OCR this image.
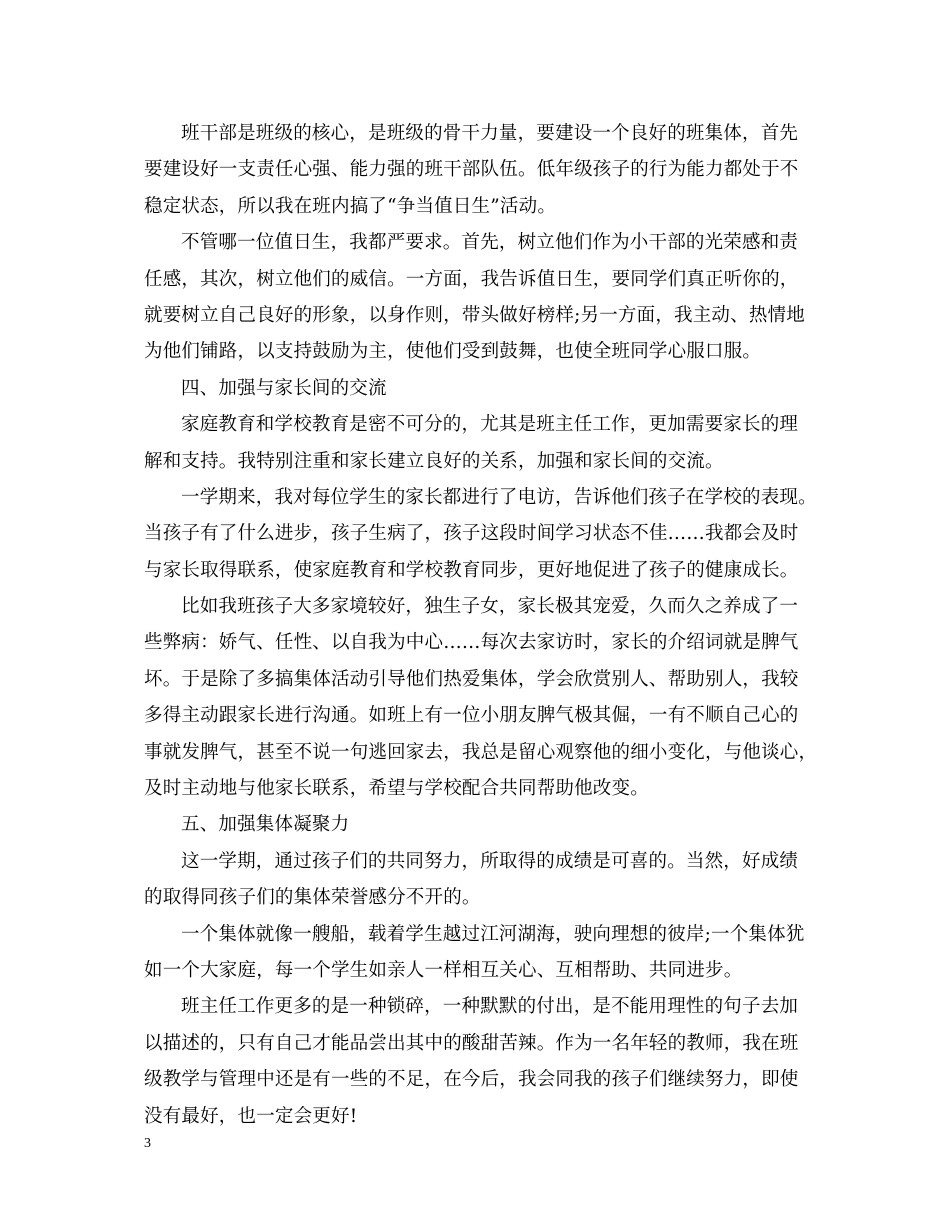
班干部是班级的核心，是班级的骨干力量，要建设一个良好的班集体，首先
要建设好一支责任心强、能力强的班干部队伍。低年级孩子的行为能力都处于不
稳定状态，所以我在班内搞了“争当值日生”活动。
不管哪一位值日生，我都严要求。首先，树立他们作为小干部的光荣感和责
任感，其次，树立他们的威信。一方面，我告诉值日生，要同学们真正听你的，
就要树立自己良好的形象，以身作则，带头做好榜样;另一方面，我主动、热情地
为他们铺路，以支持鼓励为主，使他们受到鼓舞，也使全班同学心服口服。
四、加强与家长间的交流
家庭教育和学校教育是密不可分的，尤其是班主任工作，更加需要家长的理
解和支持。我特别注重和家长建立良好的关系，加强和家长间的交流。
一学期来，我对每位学生的家长都进行了电访，告诉他们孩子在学校的表现。
当孩子有了什么进步，孩子生病了，孩子这段时间学习状态不佳……我都会及时
与家长取得联系，使家庭教育和学校教育同步，更好地促进了孩子的健康成长。
比如我班孩子大多家境较好，独生子女，家长极其宠爱，久而久之养成了一
些弊病：娇气、任性、以自我为中心……每次去家访时，家长的介绍词就是脾气
坏。于是除了多搞集体活动引导他们热爱集体，学会欣赏别人、帮助别人，我较
多得主动跟家长进行沟通。如班上有一位小朋友脾气极其倔，一有不顺自己心的
事就发脾气，甚至不说一句逃回家去，我总是留心观察他的细小变化，与他谈心，
及时主动地与他家长联系，希望与学校配合共同帮助他改变。
五、加强集体凝聚力
这一学期，通过孩子们的共同努力，所取得的成绩是可喜的。当然，好成绩
的取得同孩子们的集体荣誉感分不开的。
一个集体就像一艘船，载着学生越过江河湖海，驶向理想的彼岸;一个集体犹
如一个大家庭，每一个学生如亲人一样相互关心、互相帮助、共同进步。
班主任工作更多的是一种锁碎，一种默默的付出，是不能用理性的句子去加
以描述的，只有自己才能品尝出其中的酸甜苦辣。作为一名年轻的教师，我在班
级教学与管理中还是有一些的不足，在今后，我会同我的孩子们继续努力，即使
没有最好，也一定会更好!
3
